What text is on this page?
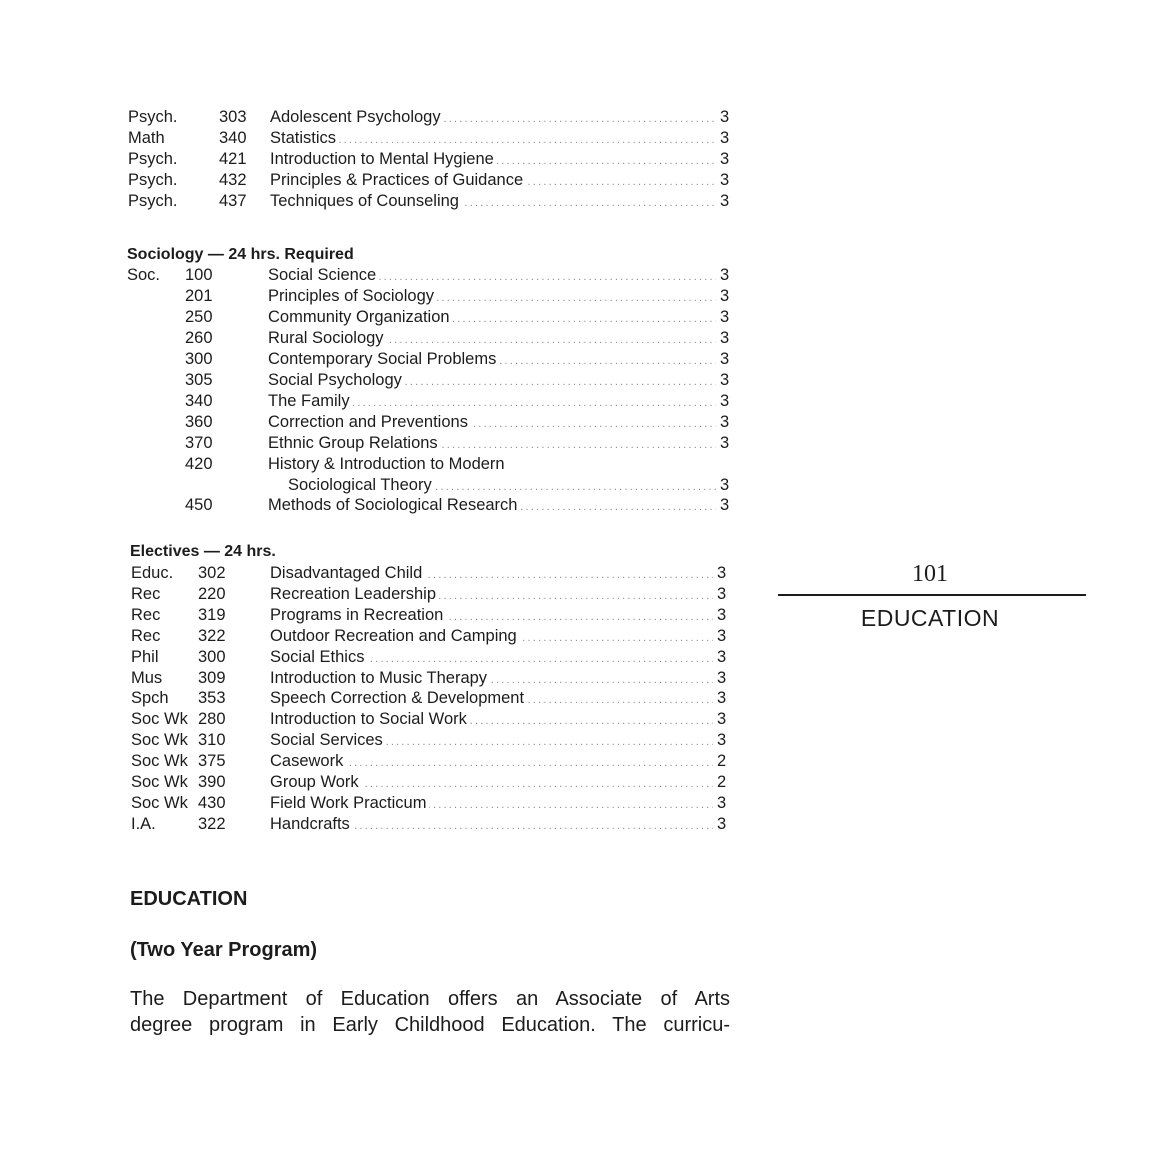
Psych.	303 Adolescent Psychology .....	3
Math	340 Statistics .....	3
Psych.	421 Introduction to Mental Hygiene .....	3
Psych.	432 Principles & Practices of Guidance .....	3
Psych.	437 Techniques of Counseling .....	3
Sociology — 24 hrs. Required
Soc. 100	Social Science .....	3
201	Principles of Sociology .....	3
250	Community Organization .....	3
260	Rural Sociology .....	3
300	Contemporary Social Problems .....	3
305	Social Psychology .....	3
340	The Family .....	3
360	Correction and Preventions .....	3
370	Ethnic Group Relations .....	3
420	History & Introduction to Modern
Sociological Theory .....	3
450	Methods of Sociological Research .....	3
Electives — 24 hrs.
Educ. 302	Disadvantaged Child .....	3
Rec 220	Recreation Leadership .....	3
Rec 319	Programs in Recreation .....	3
Rec 322	Outdoor Recreation and Camping .....	3
Phil 300	Social Ethics .....	3
Mus 309	Introduction to Music Therapy .....	3
Spch 353	Speech Correction & Development .....	3
Soc Wk 280	Introduction to Social Work .....	3
Soc Wk 310	Social Services .....	3
Soc Wk 375	Casework .....	2
Soc Wk 390	Group Work .....	2
Soc Wk 430	Field Work Practicum .....	3
I.A.	322	Handcrafts .....	3
EDUCATION
(Two Year Program)
The Department of Education offers an Associate of Arts
degree program in Early Childhood Education. The curricu-
101
EDUCATION
